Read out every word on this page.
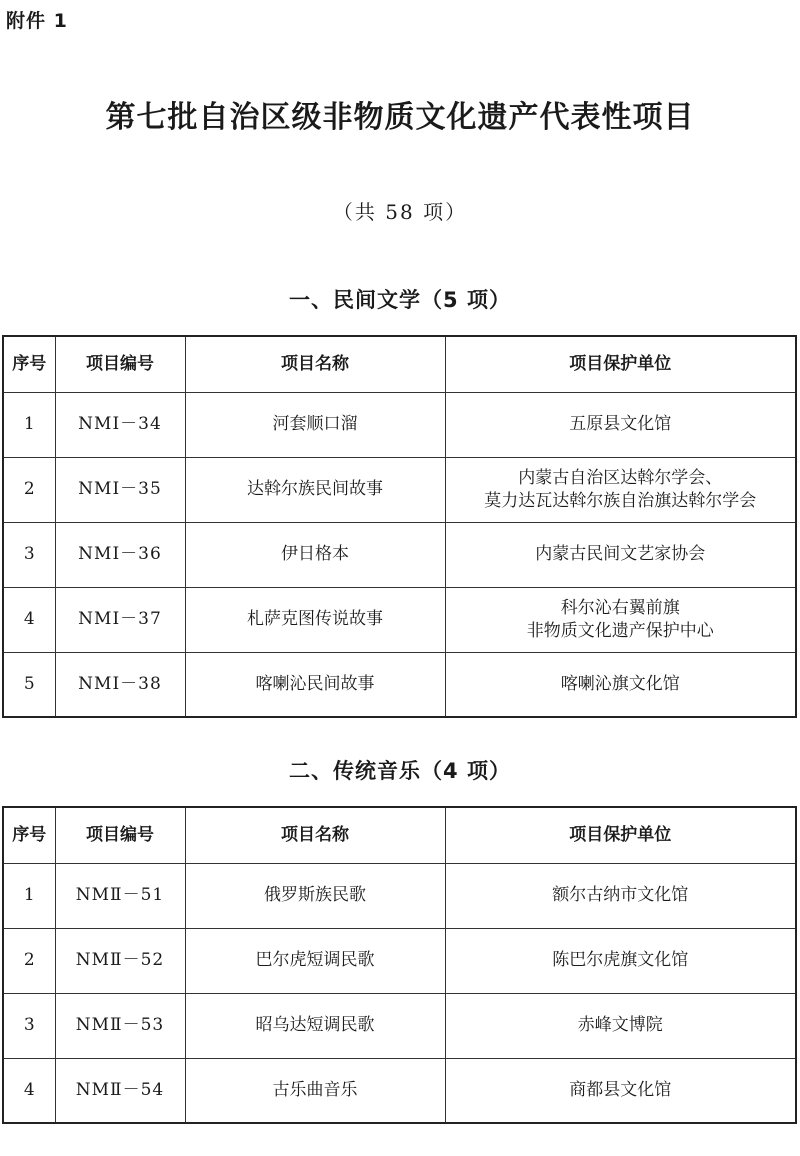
附件 1
第七批自治区级非物质文化遗产代表性项目
（共 58 项）
一、民间文学（5 项）
序号	项目编号	项目名称	项目保护单位
1	NMⅠ－34	河套顺口溜	五原县文化馆

2	NMⅠ－35	达斡尔族民间故事	内蒙古自治区达斡尔学会、
莫力达瓦达斡尔族自治旗达斡尔学会

3	NMⅠ－36	伊日格本	内蒙古民间文艺家协会

4	NMⅠ－37	札萨克图传说故事	科尔沁右翼前旗
非物质文化遗产保护中心

5	NMⅠ－38	喀喇沁民间故事	喀喇沁旗文化馆
二、传统音乐（4 项）
序号	项目编号	项目名称	项目保护单位
1	NMⅡ－51	俄罗斯族民歌	额尔古纳市文化馆

2	NMⅡ－52	巴尔虎短调民歌	陈巴尔虎旗文化馆

3	NMⅡ－53	昭乌达短调民歌	赤峰文博院

4	NMⅡ－54	古乐曲音乐	商都县文化馆
